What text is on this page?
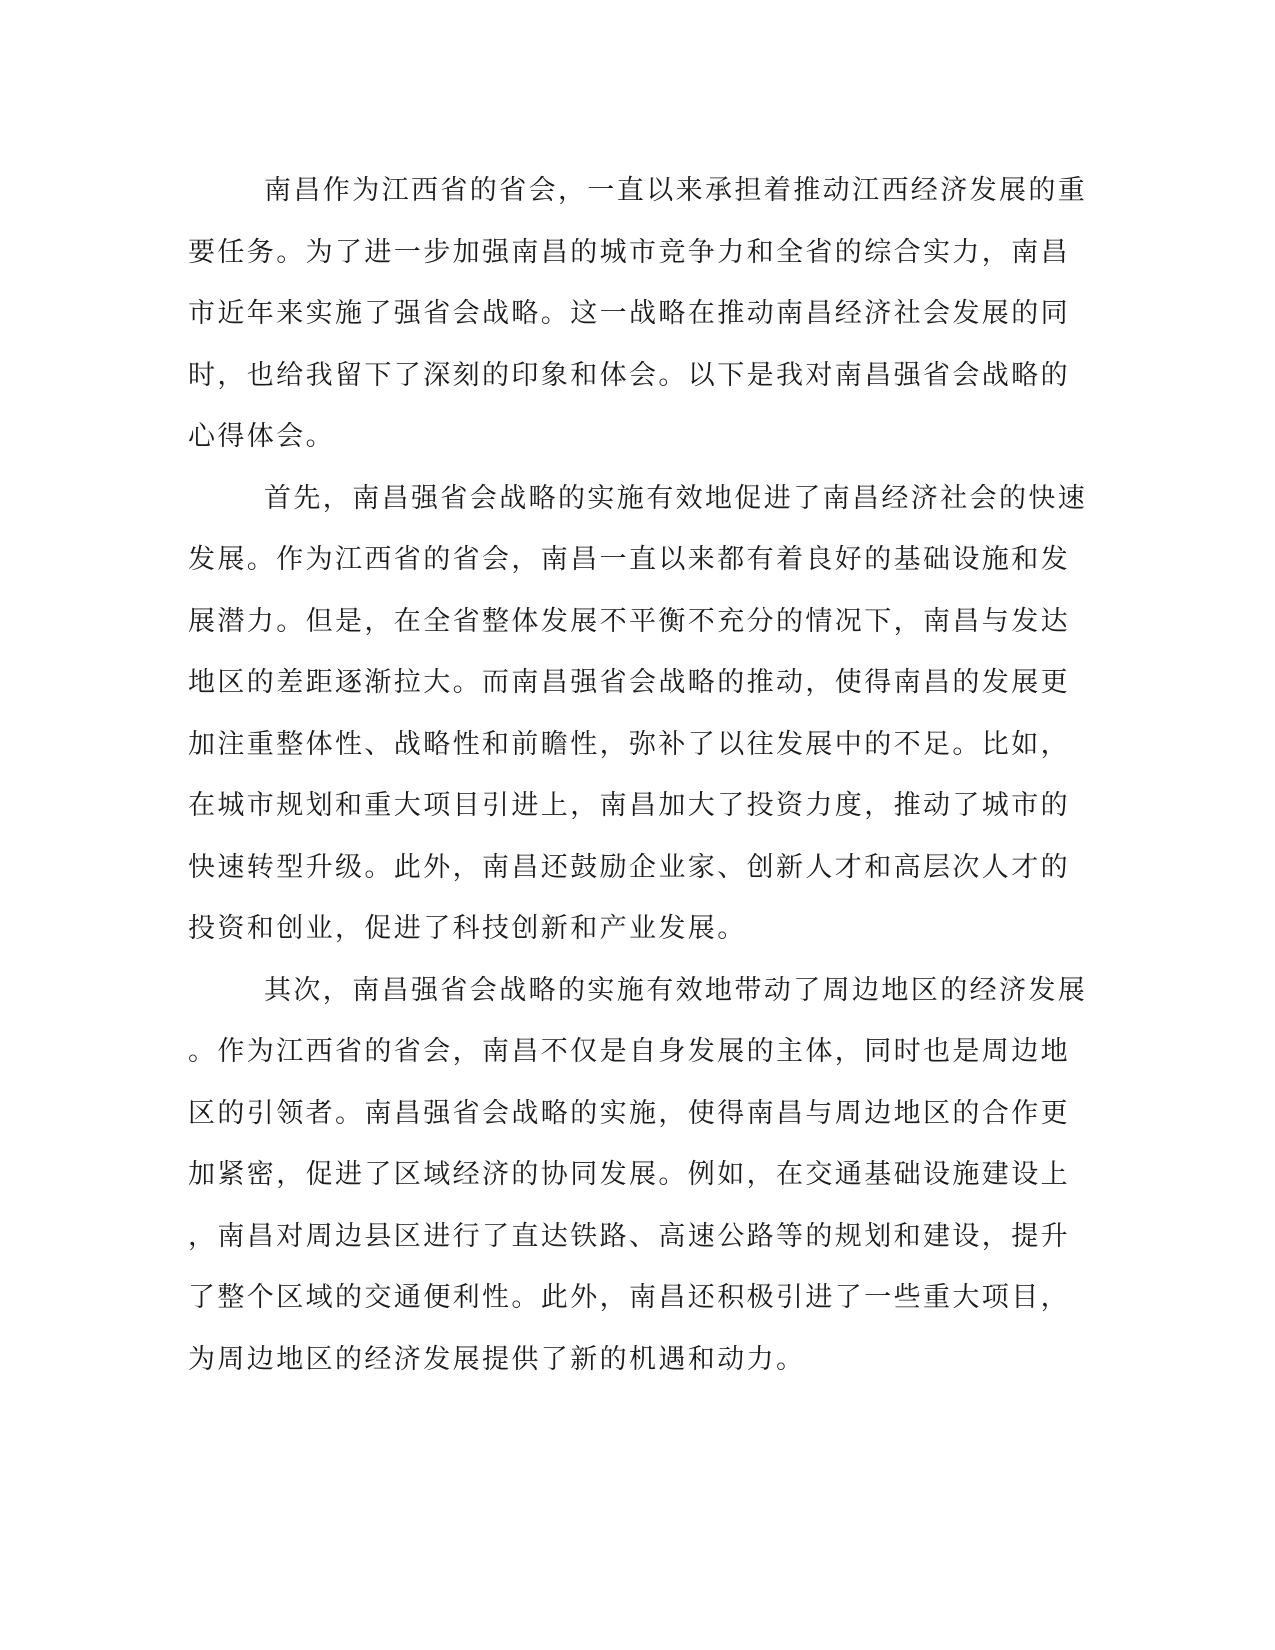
南昌作为江西省的省会，一直以来承担着推动江西经济发展的重
要任务。为了进一步加强南昌的城市竞争力和全省的综合实力，南昌
市近年来实施了强省会战略。这一战略在推动南昌经济社会发展的同
时，也给我留下了深刻的印象和体会。以下是我对南昌强省会战略的
心得体会。
首先，南昌强省会战略的实施有效地促进了南昌经济社会的快速
发展。作为江西省的省会，南昌一直以来都有着良好的基础设施和发
展潜力。但是，在全省整体发展不平衡不充分的情况下，南昌与发达
地区的差距逐渐拉大。而南昌强省会战略的推动，使得南昌的发展更
加注重整体性、战略性和前瞻性，弥补了以往发展中的不足。比如，
在城市规划和重大项目引进上，南昌加大了投资力度，推动了城市的
快速转型升级。此外，南昌还鼓励企业家、创新人才和高层次人才的
投资和创业，促进了科技创新和产业发展。
其次，南昌强省会战略的实施有效地带动了周边地区的经济发展
。作为江西省的省会，南昌不仅是自身发展的主体，同时也是周边地
区的引领者。南昌强省会战略的实施，使得南昌与周边地区的合作更
加紧密，促进了区域经济的协同发展。例如，在交通基础设施建设上
，南昌对周边县区进行了直达铁路、高速公路等的规划和建设，提升
了整个区域的交通便利性。此外，南昌还积极引进了一些重大项目，
为周边地区的经济发展提供了新的机遇和动力。
